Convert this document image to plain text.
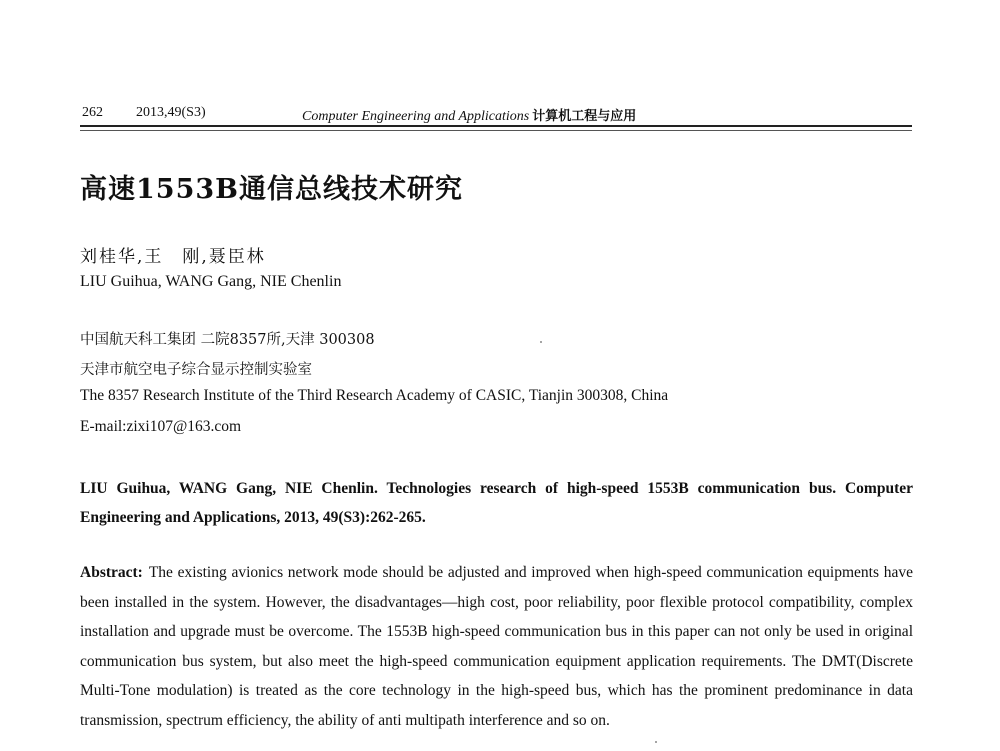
262 2013,49(S3)	Computer Engineering and Applications 计算机工程与应用
高速1553B通信总线技术研究
刘桂华,王　刚,聂臣林
LIU Guihua, WANG Gang, NIE Chenlin
中国航天科工集团 二院8357所,天津 300308
天津市航空电子综合显示控制实验室
The 8357 Research Institute of the Third Research Academy of CASIC, Tianjin 300308, China
E-mail:zixi107@163.com
LIU Guihua, WANG Gang, NIE Chenlin. Technologies research of high-speed 1553B communication bus. Computer Engineering and Applications, 2013, 49(S3):262-265.
Abstract: The existing avionics network mode should be adjusted and improved when high-speed communication equipments have been installed in the system. However, the disadvantages—high cost, poor reliability, poor flexible protocol compatibility, complex installation and upgrade must be overcome. The 1553B high-speed communication bus in this paper can not only be used in original communication bus system, but also meet the high-speed communication equipment application requirements. The DMT(Discrete Multi-Tone modulation) is treated as the core technology in the high-speed bus, which has the prominent predominance in data transmission, spectrum efficiency, the ability of anti multipath interference and so on.
